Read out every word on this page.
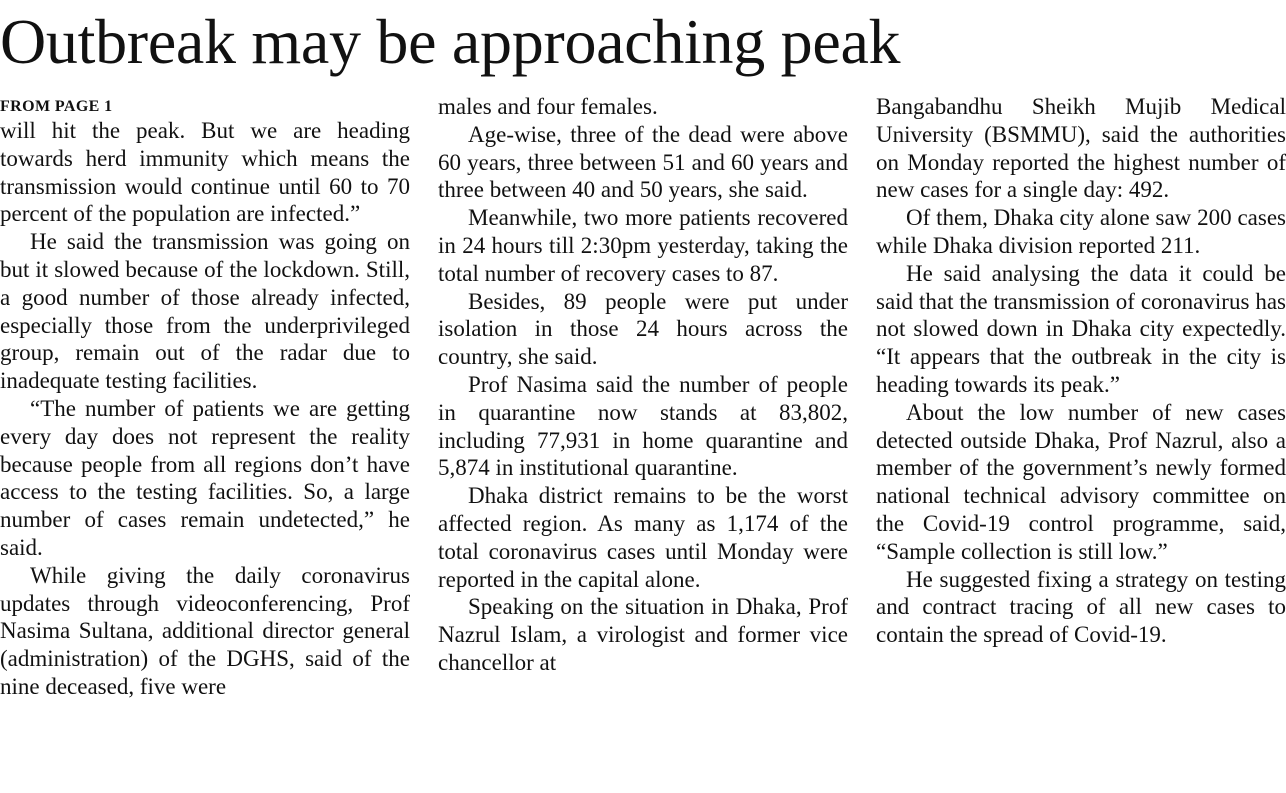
Outbreak may be approaching peak
FROM PAGE 1

will hit the peak. But we are heading towards herd immunity which means the transmission would continue until 60 to 70 percent of the population are infected.”

He said the transmission was going on but it slowed because of the lockdown. Still, a good number of those already infected, especially those from the underprivileged group, remain out of the radar due to inadequate testing facilities.

“The number of patients we are getting every day does not represent the reality because people from all regions don’t have access to the testing facilities. So, a large number of cases remain undetected,” he said.

While giving the daily coronavirus updates through videoconferencing, Prof Nasima Sultana, additional director general (administration) of the DGHS, said of the nine deceased, five were

males and four females.

Age-wise, three of the dead were above 60 years, three between 51 and 60 years and three between 40 and 50 years, she said.

Meanwhile, two more patients recovered in 24 hours till 2:30pm yesterday, taking the total number of recovery cases to 87.

Besides, 89 people were put under isolation in those 24 hours across the country, she said.

Prof Nasima said the number of people in quarantine now stands at 83,802, including 77,931 in home quarantine and 5,874 in institutional quarantine.

Dhaka district remains to be the worst affected region. As many as 1,174 of the total coronavirus cases until Monday were reported in the capital alone.

Speaking on the situation in Dhaka, Prof Nazrul Islam, a virologist and former vice chancellor at

Bangabandhu Sheikh Mujib Medical University (BSMMU), said the authorities on Monday reported the highest number of new cases for a single day: 492.

Of them, Dhaka city alone saw 200 cases while Dhaka division reported 211.

He said analysing the data it could be said that the transmission of coronavirus has not slowed down in Dhaka city expectedly. “It appears that the outbreak in the city is heading towards its peak.”

About the low number of new cases detected outside Dhaka, Prof Nazrul, also a member of the government’s newly formed national technical advisory committee on the Covid-19 control programme, said, “Sample collection is still low.”

He suggested fixing a strategy on testing and contract tracing of all new cases to contain the spread of Covid-19.
